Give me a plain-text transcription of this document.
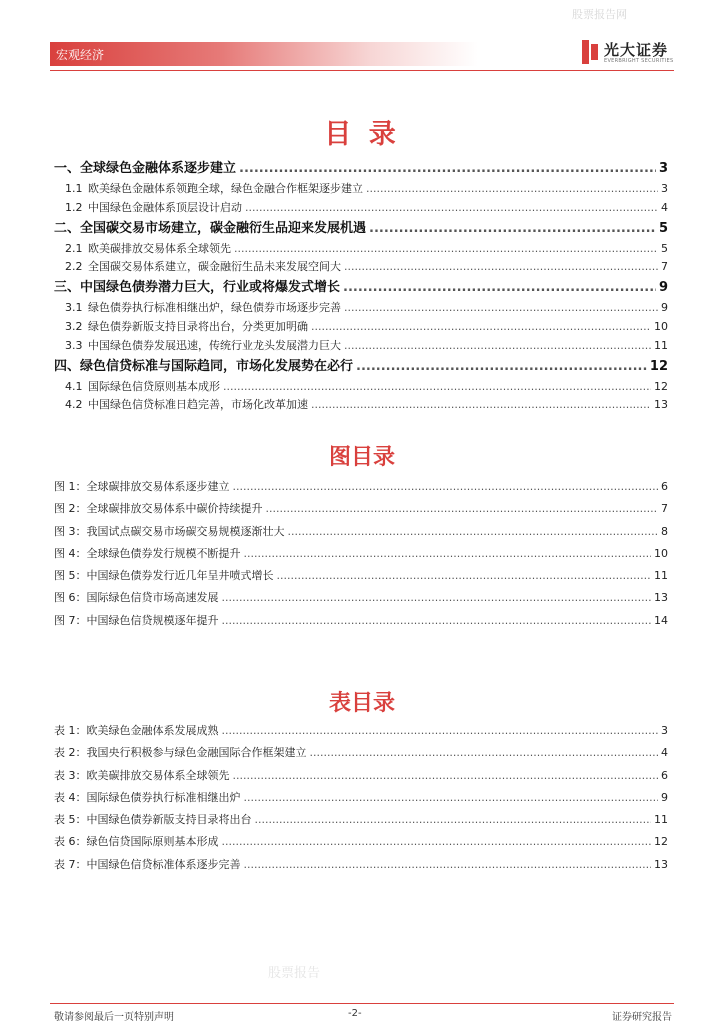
股票报告网
宏观经济	光大证券
EVERBRIGHT SECURITIES
目 录
一、全球绿色金融体系逐步建立 .....	3
1.1 欧美绿色金融体系领跑全球，绿色金融合作框架逐步建立 .....	3
1.2 中国绿色金融体系顶层设计启动 .....	4
二、全国碳交易市场建立，碳金融衍生品迎来发展机遇 .....	5
2.1 欧美碳排放交易体系全球领先 .....	5
2.2 全国碳交易体系建立，碳金融衍生品未来发展空间大 .....	7
三、中国绿色债券潜力巨大，行业或将爆发式增长 .....	9
3.1 绿色债券执行标准相继出炉，绿色债券市场逐步完善 .....	9
3.2 绿色债券新版支持目录将出台，分类更加明确 .....	10
3.3 中国绿色债券发展迅速，传统行业龙头发展潜力巨大 .....	11
四、绿色信贷标准与国际趋同，市场化发展势在必行 .....	12
4.1 国际绿色信贷原则基本成形 .....	12
4.2 中国绿色信贷标准日趋完善，市场化改革加速 .....	13
图目录
图 1：全球碳排放交易体系逐步建立 .....	6
图 2：全球碳排放交易体系中碳价持续提升 .....	7
图 3：我国试点碳交易市场碳交易规模逐渐壮大 .....	8
图 4：全球绿色债券发行规模不断提升 .....	10
图 5：中国绿色债券发行近几年呈井喷式增长 .....	11
图 6：国际绿色信贷市场高速发展 .....	13
图 7：中国绿色信贷规模逐年提升 .....	14
表目录
表 1：欧美绿色金融体系发展成熟 .....	3
表 2：我国央行积极参与绿色金融国际合作框架建立 .....	4
表 3：欧美碳排放交易体系全球领先 .....	6
表 4：国际绿色债券执行标准相继出炉 .....	9
表 5：中国绿色债券新版支持目录将出台 .....	11
表 6：绿色信贷国际原则基本形成 .....	12
表 7：中国绿色信贷标准体系逐步完善 .....	13
股票报告
敬请参阅最后一页特别声明	-2-	证券研究报告
